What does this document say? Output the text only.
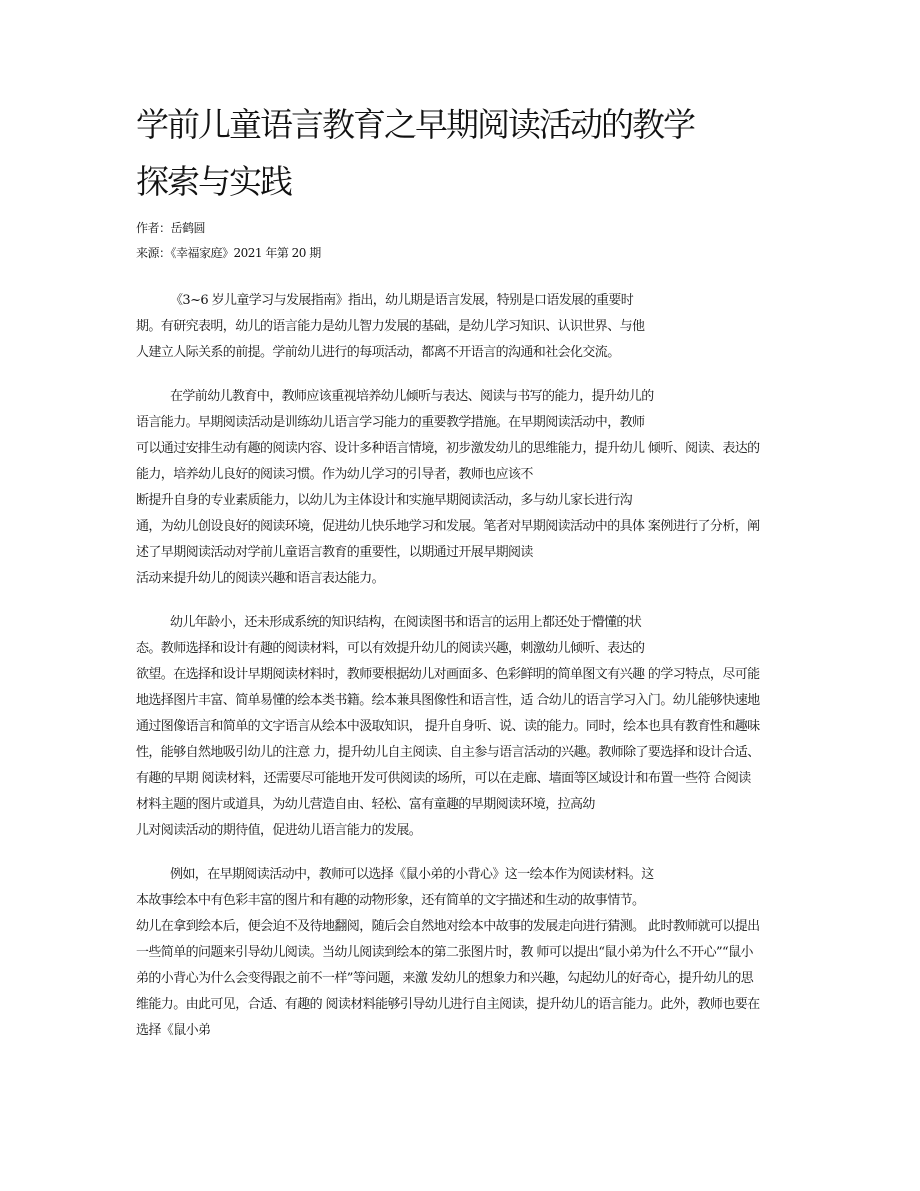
学前儿童语言教育之早期阅读活动的教学探索与实践
作者：岳鹤圆
来源：《幸福家庭》2021 年第 20 期
《3~6 岁儿童学习与发展指南》指出，幼儿期是语言发展，特别是口语发展的重要时
期。有研究表明，幼儿的语言能力是幼儿智力发展的基础，是幼儿学习知识、认识世界、与他
人建立人际关系的前提。学前幼儿进行的每项活动，都离不开语言的沟通和社会化交流。
在学前幼儿教育中，教师应该重视培养幼儿倾听与表达、阅读与书写的能力，提升幼儿的
语言能力。早期阅读活动是训练幼儿语言学习能力的重要教学措施。在早期阅读活动中，教师
可以通过安排生动有趣的阅读内容、设计多种语言情境，初步激发幼儿的思维能力，提升幼儿 倾听、阅读、表达的
能力，培养幼儿良好的阅读习惯。作为幼儿学习的引导者，教师也应该不
断提升自身的专业素质能力，以幼儿为主体设计和实施早期阅读活动，多与幼儿家长进行沟
通，为幼儿创设良好的阅读环境，促进幼儿快乐地学习和发展。笔者对早期阅读活动中的具体 案例进行了分析，阐
述了早期阅读活动对学前儿童语言教育的重要性，以期通过开展早期阅读
活动来提升幼儿的阅读兴趣和语言表达能力。
幼儿年龄小，还未形成系统的知识结构，在阅读图书和语言的运用上都还处于懵懂的状
态。教师选择和设计有趣的阅读材料，可以有效提升幼儿的阅读兴趣，刺激幼儿倾听、表达的
欲望。在选择和设计早期阅读材料时，教师要根据幼儿对画面多、色彩鲜明的简单图文有兴趣 的学习特点，尽可能
地选择图片丰富、简单易懂的绘本类书籍。绘本兼具图像性和语言性，适 合幼儿的语言学习入门。幼儿能够快速地
通过图像语言和简单的文字语言从绘本中汲取知识， 提升自身听、说、读的能力。同时，绘本也具有教育性和趣味
性，能够自然地吸引幼儿的注意 力，提升幼儿自主阅读、自主参与语言活动的兴趣。教师除了要选择和设计合适、
有趣的早期 阅读材料，还需要尽可能地开发可供阅读的场所，可以在走廊、墙面等区域设计和布置一些符 合阅读
材料主题的图片或道具，为幼儿营造自由、轻松、富有童趣的早期阅读环境，拉高幼
儿对阅读活动的期待值，促进幼儿语言能力的发展。
例如，在早期阅读活动中，教师可以选择《鼠小弟的小背心》这一绘本作为阅读材料。这
本故事绘本中有色彩丰富的图片和有趣的动物形象，还有简单的文字描述和生动的故事情节。
幼儿在拿到绘本后，便会迫不及待地翻阅，随后会自然地对绘本中故事的发展走向进行猜测。 此时教师就可以提出
一些简单的问题来引导幼儿阅读。当幼儿阅读到绘本的第二张图片时，教 师可以提出“鼠小弟为什么不开心”“鼠小
弟的小背心为什么会变得跟之前不一样”等问题，来激 发幼儿的想象力和兴趣，勾起幼儿的好奇心，提升幼儿的思
维能力。由此可见，合适、有趣的 阅读材料能够引导幼儿进行自主阅读，提升幼儿的语言能力。此外，教师也要在
选择《鼠小弟
